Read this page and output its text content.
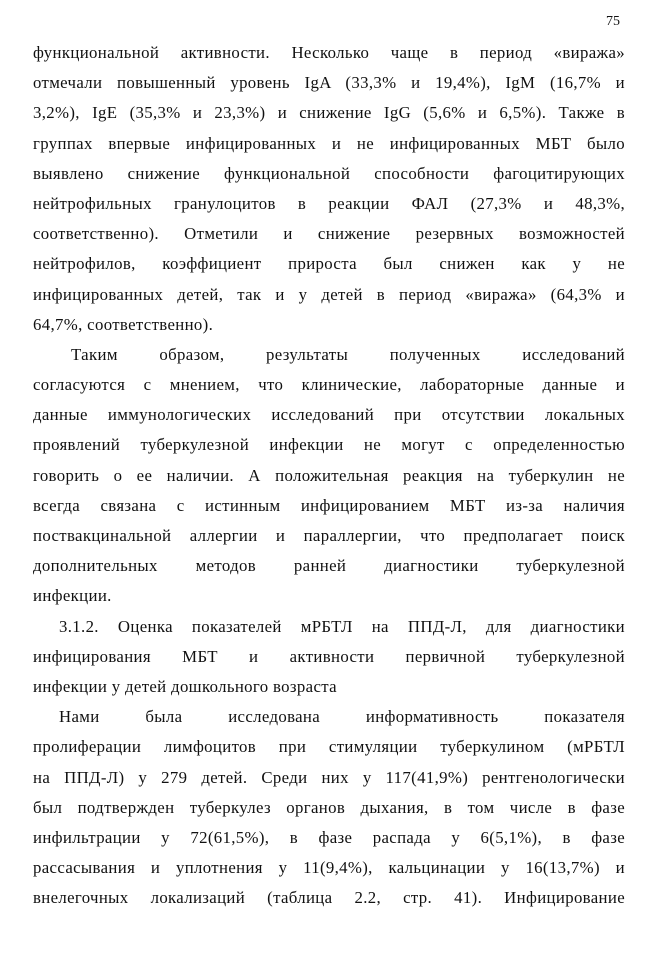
75
функциональной активности. Несколько чаще в период «виража»
отмечали повышенный уровень IgA (33,3% и 19,4%), IgM (16,7% и
3,2%), IgE (35,3% и 23,3%) и снижение IgG (5,6% и 6,5%). Также в
группах впервые инфицированных и не инфицированных МБТ было
выявлено снижение функциональной способности фагоцитирующих
нейтрофильных гранулоцитов в реакции ФАЛ (27,3% и 48,3%,
соответственно). Отметили и снижение резервных возможностей
нейтрофилов, коэффициент прироста был снижен как у не
инфицированных детей, так и у детей в период «виража» (64,3% и
64,7%, соответственно).
Таким образом, результаты полученных исследований
согласуются с мнением, что клинические, лабораторные данные и
данные иммунологических исследований при отсутствии локальных
проявлений туберкулезной инфекции не могут с определенностью
говорить о ее наличии. А положительная реакция на туберкулин не
всегда связана с истинным инфицированием МБТ из-за наличия
поствакцинальной аллергии и параллергии, что предполагает поиск
дополнительных методов ранней диагностики туберкулезной
инфекции.
3.1.2. Оценка показателей мРБТЛ на ППД-Л, для диагностики
инфицирования МБТ и активности первичной туберкулезной
инфекции у детей дошкольного возраста
Нами была исследована информативность показателя
пролиферации лимфоцитов при стимуляции туберкулином (мРБТЛ
на ППД-Л) у 279 детей. Среди них у 117(41,9%) рентгенологически
был подтвержден туберкулез органов дыхания, в том числе в фазе
инфильтрации у 72(61,5%), в фазе распада у 6(5,1%), в фазе
рассасывания и уплотнения у 11(9,4%), кальцинации у 16(13,7%) и
внелегочных локализаций (таблица 2.2, стр. 41). Инфицирование
